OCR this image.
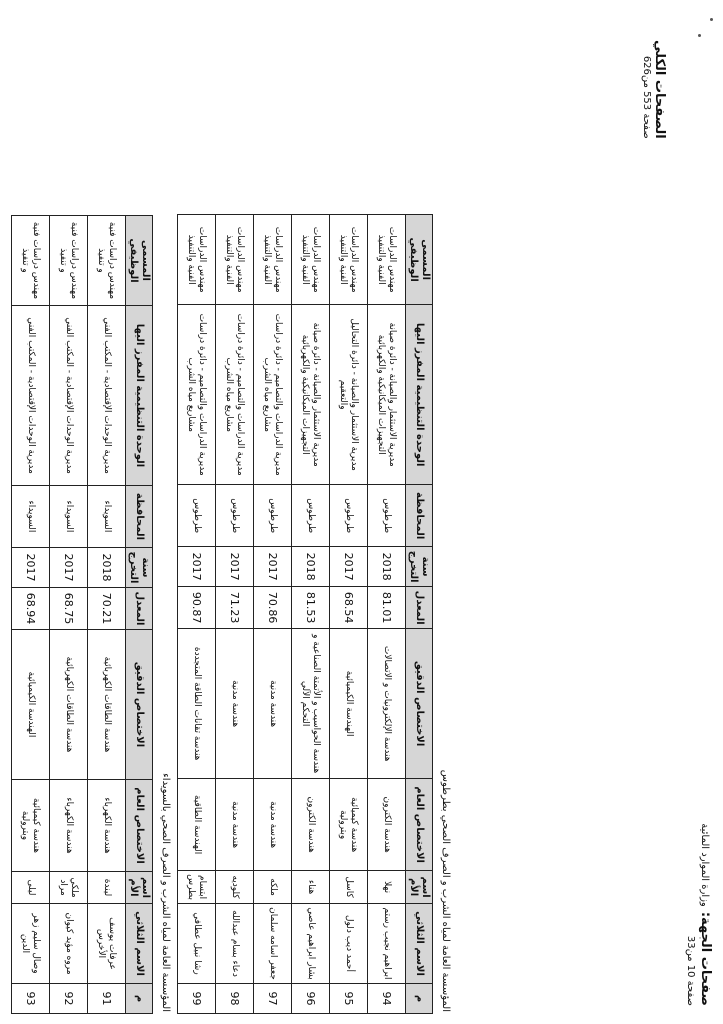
صفحات الجهة: وزارة الموارد المائية
صفحة 10 من33
الصفحات الكلي
صفحة 553 من626
المؤسسة العامة لمياه الشرب و الصرف الصحي بطرطوس
م	الاسم الثلاثي	اسم الأم	الاختصاص العام	الاختصاص الدقيق	المعدل	سنة التخرج	المحافظة	الوحدة التنظيمية المفرز اليها	المسمى الوظيفي
94	ابراهيم نجيب رستم	نهلا	هندسة الكترون	هندسة الإلكترونيات و الاتصالات	81.01	2018	طرطوس	مديرية الاستثمار والصيانة - دائرة صيانة التجهيزات الميكانيكية والكهربائية	مهندس الدراسات الفنية والتنفيذ
95	أحمد ديب دلول	كاسل	هندسة كيميائية وبترولية	الهندسة الكيميائية	68.54	2017	طرطوس	مديرية الاستثمار والصيانة - دائرة التحاليل والتعقيم	مهندس الدراسات الفنية والتنفيذ
96	بشار ابراهيم عاصي	هناء	هندسة الكترون	هندسة الحواسيب و الأتمتة الصناعية و التحكم الآلي	81.53	2018	طرطوس	مديرية الاستثمار والصيانة - دائرة صيانة التجهيزات الميكانيكية والكهربائية	مهندس الدراسات الفنية والتنفيذ
97	جعفر اسامه سلمان	ملكه	هندسة مدنية	هندسة مدنية	70.86	2017	طرطوس	مديرية الدراسات والتصاميم - دائرة دراسات مشاريع مياه الشرب	مهندس الدراسات الفنية والتنفيذ
98	دعاء بسام عبدالله	كلوديه	هندسة مدنية	هندسة مدنية	71.23	2017	طرطوس	مديرية الدراسات والتصاميم - دائرة دراسات مشاريع مياه الشرب	مهندس الدراسات الفنية والتنفيذ
99	رشا نبيل عطافي	ابتسام بطرس	الهندسة الطاقية	هندسة تقانات الطاقة المتجددة	90.87	2017	طرطوس	مديرية الدراسات والتصاميم - دائرة دراسات مشاريع مياه الشرب	مهندس الدراسات الفنية والتنفيذ
المؤسسة العامة لمياه الشرب و الصرف الصحي بالسويداء
م	الاسم الثلاثي	اسم الأم	الاختصاص العام	الاختصاص الدقيق	المعدل	سنة التخرج	المحافظة	الوحدة التنظيمية المفرز اليها	المسمى الوظيفي
91	عرفات يوسف الأخرس	ليندة	هندسة الكهرباء	هندسة الطاقات الكهربائية	70.21	2018	السويداء	مديرية الوحدات الإقتصادية - المكتب الفني	مهندس دراسات فنية و تنفيذ
92	مروه مؤيد كيوان	ملكي مراد	هندسة الكهرباء	هندسة الطاقات الكهربائية	68.75	2017	السويداء	مديرية الوحدات الإقتصادية - المكتب الفني	مهندس دراسات فنية و تنفيذ
93	وصال سليم زهر الدين	ليلى	هندسة كيميائية وبترولية	الهندسة الكيميائية	68.94	2017	السويداء	مديرية الوحدات الإقتصادية - المكتب الفني	مهندس دراسات فنية و تنفيذ
